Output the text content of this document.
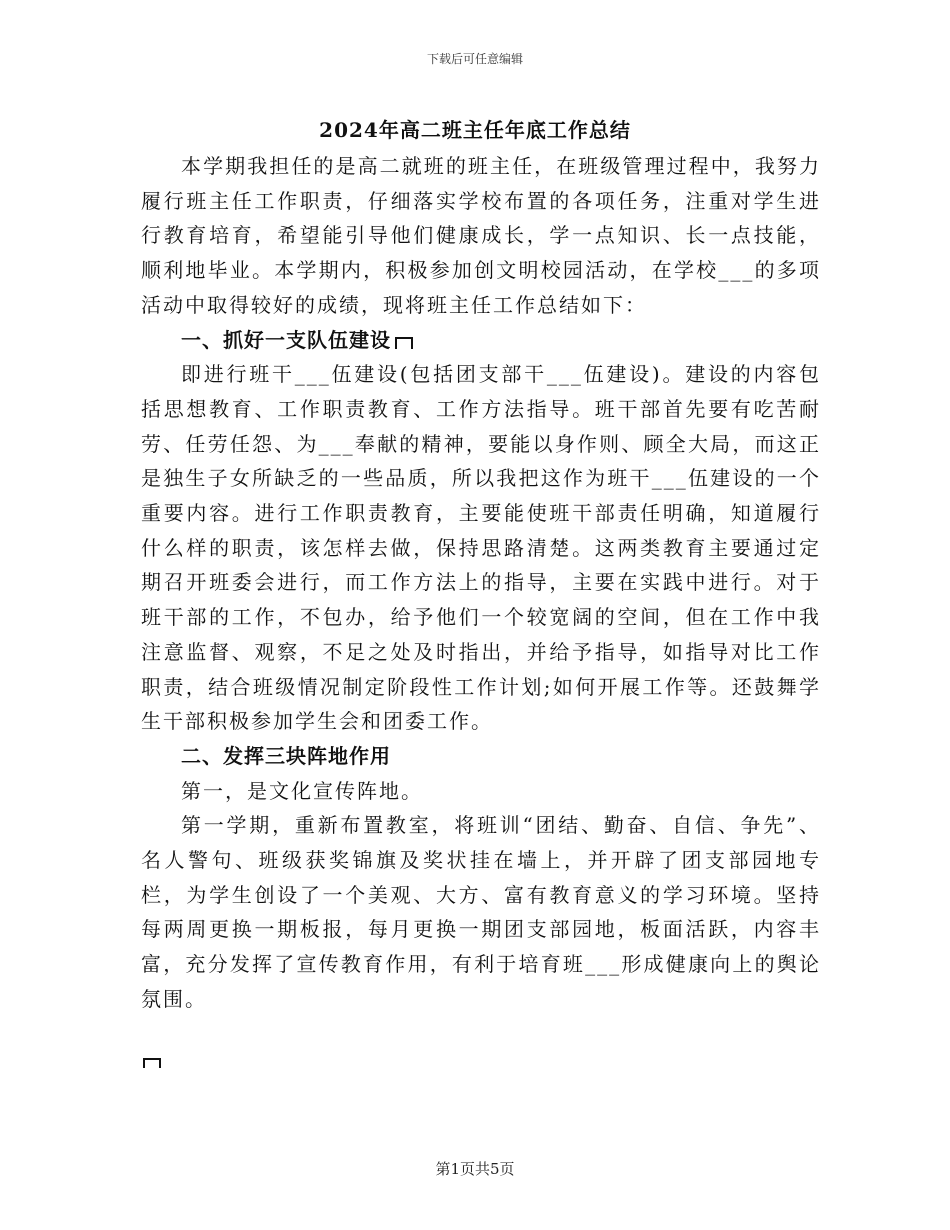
下载后可任意编辑
2024年高二班主任年底工作总结

本学期我担任的是高二就班的班主任，在班级管理过程中，我努力履行班主任工作职责，仔细落实学校布置的各项任务，注重对学生进行教育培育，希望能引导他们健康成长，学一点知识、长一点技能，顺利地毕业。本学期内，积极参加创文明校园活动，在学校___的多项活动中取得较好的成绩，现将班主任工作总结如下：

一、抓好一支队伍建设

即进行班干___伍建设(包括团支部干___伍建设)。建设的内容包括思想教育、工作职责教育、工作方法指导。班干部首先要有吃苦耐劳、任劳任怨、为___奉献的精神，要能以身作则、顾全大局，而这正是独生子女所缺乏的一些品质，所以我把这作为班干___伍建设的一个重要内容。进行工作职责教育，主要能使班干部责任明确，知道履行什么样的职责，该怎样去做，保持思路清楚。这两类教育主要通过定期召开班委会进行，而工作方法上的指导，主要在实践中进行。对于班干部的工作，不包办，给予他们一个较宽阔的空间，但在工作中我注意监督、观察，不足之处及时指出，并给予指导，如指导对比工作职责，结合班级情况制定阶段性工作计划;如何开展工作等。还鼓舞学生干部积极参加学生会和团委工作。

二、发挥三块阵地作用

第一，是文化宣传阵地。

第一学期，重新布置教室，将班训“团结、勤奋、自信、争先”、名人警句、班级获奖锦旗及奖状挂在墙上，并开辟了团支部园地专栏，为学生创设了一个美观、大方、富有教育意义的学习环境。坚持每两周更换一期板报，每月更换一期团支部园地，板面活跃，内容丰富，充分发挥了宣传教育作用，有利于培育班___形成健康向上的舆论氛围。

第1页共5页
